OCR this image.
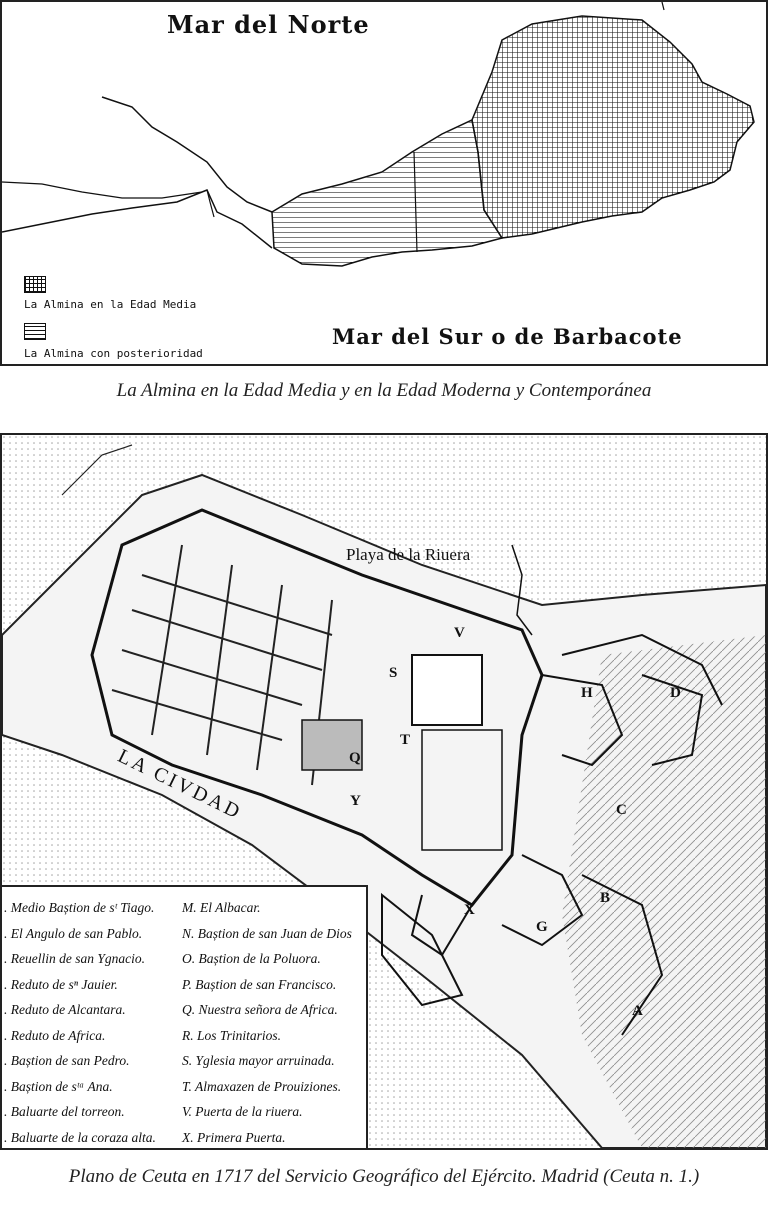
Mar del Norte
Mar del Sur o de Barbacote
La Almina en la Edad Media
La Almina con posterioridad
La Almina en la Edad Media y en la Edad Moderna y Contemporánea
Playa de la Riuera
LA CIVDAD	Q
S
T
V
Y
X
G
B
C
D
A
H
. Medio Baștion de sᵗ Tiago.
. El Angulo de san Pablo.
. Reuellin de san Ygnacio.
. Reduto de sⁿ Jauier.
. Reduto de Alcantara.
. Reduto de Africa.
. Baștion de san Pedro.
. Baștion de sᵗᵃ Ana.
. Baluarte del torreon.
. Baluarte de la coraza alta.
M. El Albacar.
N. Baștion de san Juan de Dios
O. Baștion de la Poluora.
P. Baștion de san Francisco.
Q. Nuestra señora de Africa.
R. Los Trinitarios.
S. Yglesia mayor arruinada.
T. Almaxazen de Prouiziones.
V. Puerta de la riuera.
X. Primera Puerta.
Plano de Ceuta en 1717 del Servicio Geográfico del Ejército. Madrid (Ceuta n. 1.)
